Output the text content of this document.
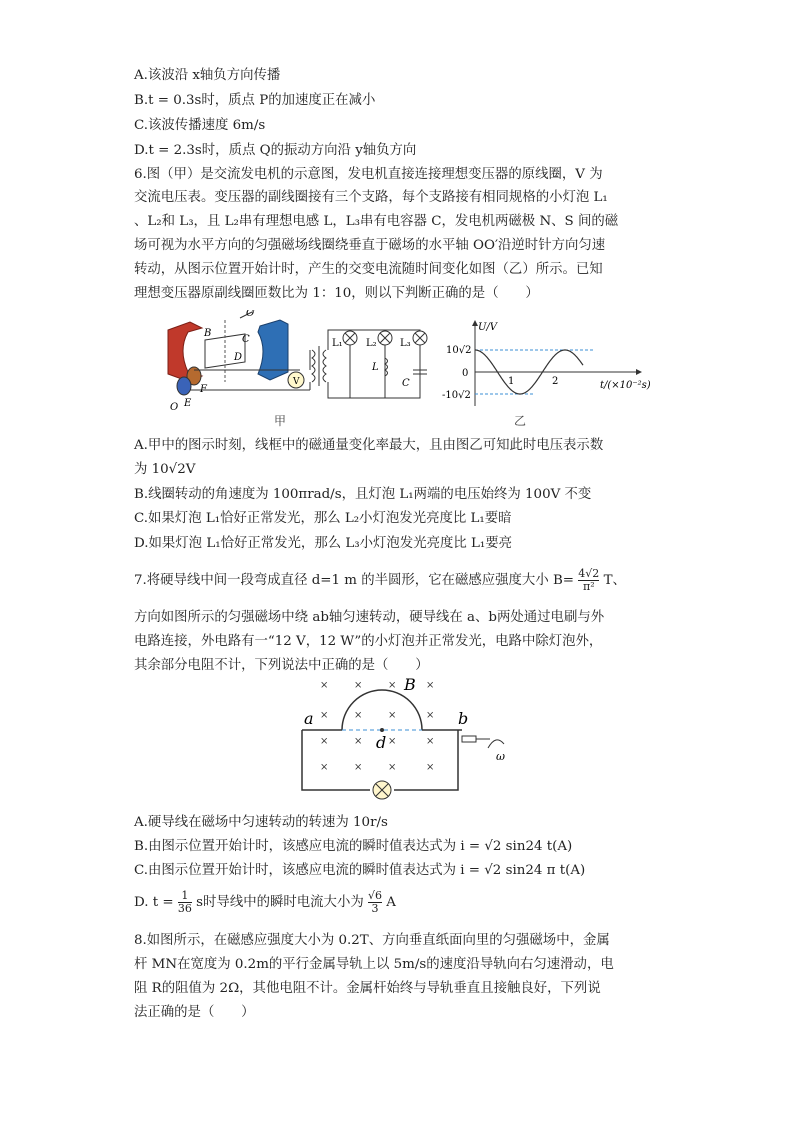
A.该波沿 x轴负方向传播
B.t = 0.3s时，质点 P的加速度正在减小
C.该波传播速度 6m/s
D.t = 2.3s时，质点 Q的振动方向沿 y轴负方向
6.图（甲）是交流发电机的示意图，发电机直接连接理想变压器的原线圈，V 为
交流电压表。变压器的副线圈接有三个支路，每个支路接有相同规格的小灯泡 L₁
、L₂和 L₃，且 L₂串有理想电感 L，L₃串有电容器 C，发电机两磁极 N、S 间的磁
场可视为水平方向的匀强磁场线圈绕垂直于磁场的水平轴 OO′沿逆时针方向匀速
转动，从图示位置开始计时，产生的交变电流随时间变化如图（乙）所示。已知
理想变压器原副线圈匝数比为 1：10，则以下判断正确的是（　　）
V
B
C
D
O′
O E
F
L₁ L₂ L₃
L
C
甲
U/V
10√2
0
-10√2
1	2	t/(×10⁻²s)
乙
A.甲中的图示时刻，线框中的磁通量变化率最大，且由图乙可知此时电压表示数
为 10√2V
B.线圈转动的角速度为 100πrad/s，且灯泡 L₁两端的电压始终为 100V 不变
C.如果灯泡 L₁恰好正常发光，那么 L₂小灯泡发光亮度比 L₁要暗
D.如果灯泡 L₁恰好正常发光，那么 L₃小灯泡发光亮度比 L₁要亮
7.将硬导线中间一段弯成直径 d=1 m 的半圆形，它在磁感应强度大小 $B= \frac{4√2}{\text{π²}}$ T、
方向如图所示的匀强磁场中绕 ab轴匀速转动，硬导线在 a、b两处通过电刷与外
电路连接，外电路有一“12 V，12 W”的小灯泡并正常发光，电路中除灯泡外，
其余部分电阻不计，下列说法中正确的是（　　）
×	×	×	×
×	×	×	×
×	×	×	×
×	×	×	×
a	b
B
d
ω
A.硬导线在磁场中匀速转动的转速为 10r/s
B.由图示位置开始计时，该感应电流的瞬时值表达式为 i = √2 sin24 t(A)
C.由图示位置开始计时，该感应电流的瞬时值表达式为 i = √2 sin24 π t(A)
D. $t = \frac{1}{36}$ s时导线中的瞬时电流大小为 $\frac{√6}{3}$ A
8.如图所示，在磁感应强度大小为 0.2T、方向垂直纸面向里的匀强磁场中，金属
杆 MN在宽度为 0.2m的平行金属导轨上以 5m/s的速度沿导轨向右匀速滑动，电
阻 R的阻值为 2Ω，其他电阻不计。金属杆始终与导轨垂直且接触良好，下列说
法正确的是（　　）
